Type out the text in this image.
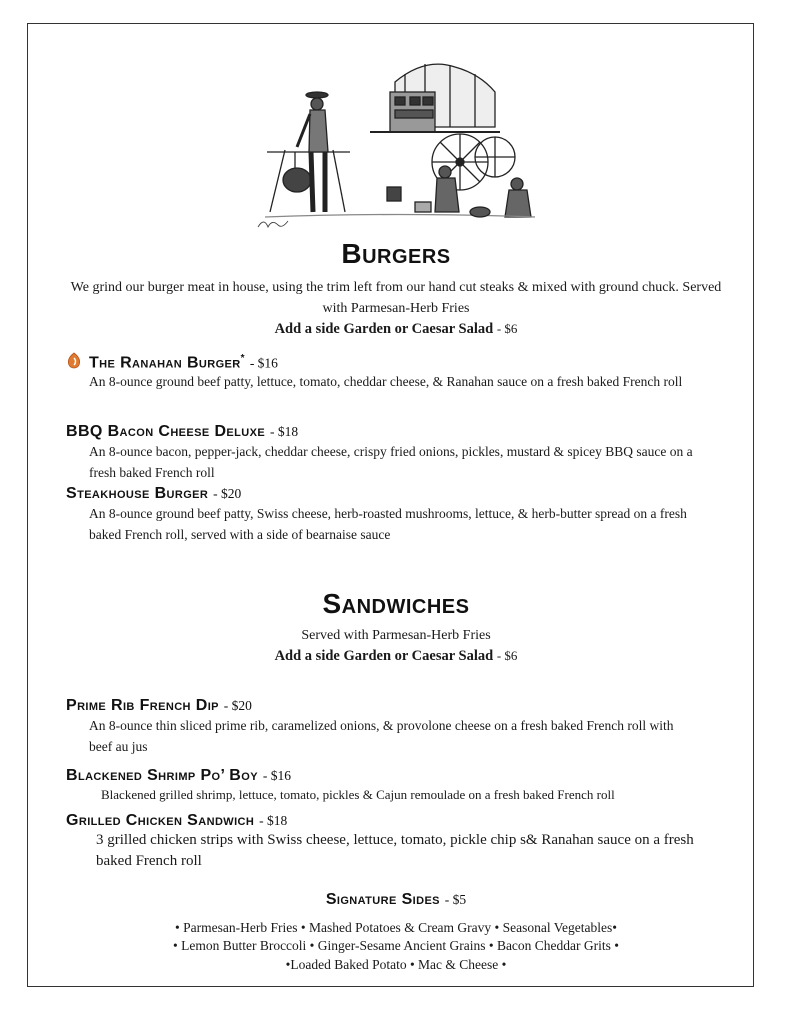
Burgers
We grind our burger meat in house, using the trim left from our hand cut steaks & mixed with ground chuck. Served with Parmesan-Herb Fries
Add a side Garden or Caesar Salad - $6
The Ranahan Burger* - $16
An 8-ounce ground beef patty, lettuce, tomato, cheddar cheese, & Ranahan sauce on a fresh baked French roll
BBQ Bacon Cheese Deluxe - $18
An 8-ounce bacon, pepper-jack, cheddar cheese, crispy fried onions, pickles, mustard & spicey BBQ sauce on a fresh baked French roll
Steakhouse Burger - $20
An 8-ounce ground beef patty, Swiss cheese, herb-roasted mushrooms, lettuce, & herb-butter spread on a fresh baked French roll, served with a side of bearnaise sauce
Sandwiches
Served with Parmesan-Herb Fries
Add a side Garden or Caesar Salad - $6
Prime Rib French Dip - $20
An 8-ounce thin sliced prime rib, caramelized onions, & provolone cheese on a fresh baked French roll with beef au jus
Blackened Shrimp Po’ Boy - $16
Blackened grilled shrimp, lettuce, tomato, pickles & Cajun remoulade on a fresh baked French roll
Grilled Chicken Sandwich - $18
3 grilled chicken strips with Swiss cheese, lettuce, tomato, pickle chip s& Ranahan sauce on a fresh baked French roll
Signature Sides - $5
• Parmesan-Herb Fries • Mashed Potatoes & Cream Gravy • Seasonal Vegetables•
• Lemon Butter Broccoli • Ginger-Sesame Ancient Grains • Bacon Cheddar Grits •
•Loaded Baked Potato • Mac & Cheese •
